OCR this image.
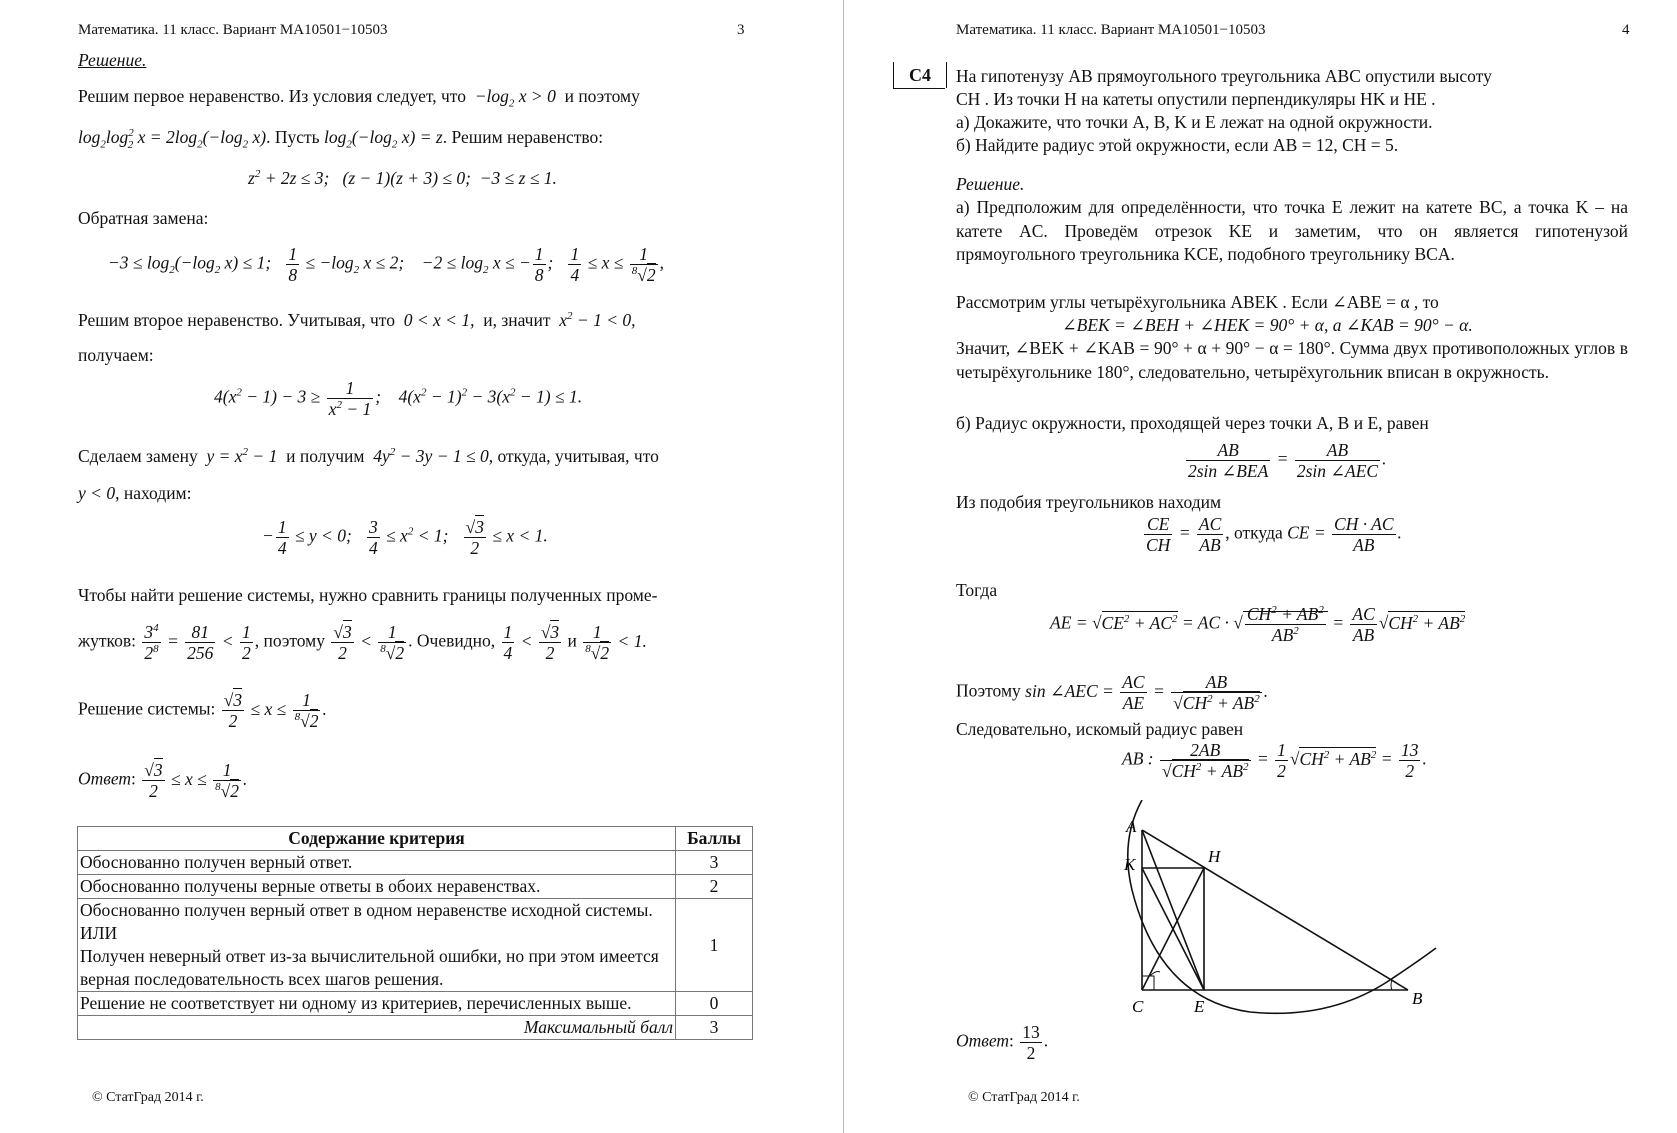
Математика. 11 класс. Вариант МА10501−10503	3
Решение.
Решим первое неравенство. Из условия следует, что  $-\log_2$ x > 0  и поэтому
$\log_2\log^2_2$ $x = 2\log_2(-\log_2$ x). Пусть $\log_2(-\log_2$ x) = z. Решим неравенство:
$z^2 + 2z \le 3$;   (z − 1)(z + 3) ≤ 0;  −3 ≤ z ≤ 1.
Обратная замена:
$-3 \le \log_2(-\log_2$ x) ≤ 1; $\frac{1}{8} \le -\log_2$ x ≤ 2;    $-2 \le \log_2 x$ ≤ − $\frac{1}{8}$ ; $\frac{1}{4} \le x \le \frac{1}{^8√2}$ ,
Решим второе неравенство. Учитывая, что  0 < x < 1,  и, значит  $x^2 - 1 < 0$,
получаем:
$4(x^2 - 1) - 3 \ge \frac{1}{x^2 - 1}$ ;    $4(x^2 - 1)^2 - 3(x^2 - 1) \le 1$.
Сделаем замену  $y = x^2 - 1$  и получим  $4y^2 - 3y - 1 \le 0$, откуда, учитывая, что
y < 0, находим:
− $\frac{1}{4} \le y < 0$; $\frac{3}{4} \le x^2 < 1$; $\frac{√3}{2} \le x < 1$.
Чтобы найти решение системы, нужно сравнить границы полученных проме-
жутков: $\frac{3^4}{2^8} = \frac{81}{256} < \frac{1}{2}$ , поэтому $\frac{√3}{2} < \frac{1}{^8√2}$ . Очевидно, $\frac{1}{4} < \frac{√3}{2}$ и $\frac{1}{^8√2} < 1$.
Решение системы: $\frac{√3}{2} \le x \le \frac{1}{^8√2}$ .
Ответ: $\frac{√3}{2} \le x \le \frac{1}{^8√2}$ .
Содержание критерия	Баллы
Обоснованно получен верный ответ.	3
Обоснованно получены верные ответы в обоих неравенствах.	2

Обоснованно получен верный ответ в одном неравенстве исходной системы.
ИЛИ
Получен неверный ответ из-за вычислительной ошибки, но при этом имеется верная последовательность всех шагов решения.	1
Решение не соответствует ни одному из критериев, перечисленных выше.	0
Максимальный балл	3
© СтатГрад 2014 г.
Математика. 11 класс. Вариант МА10501−10503	4
С4	На гипотенузу AB прямоугольного треугольника ABC опустили высоту
CH . Из точки H на катеты опустили перпендикуляры HK и HE .
а) Докажите, что точки A, B, K и E лежат на одной окружности.
б) Найдите радиус этой окружности, если AB = 12, CH = 5.
Решение.
а) Предположим для определённости, что точка E лежит на катете BC, а точка K – на катете AC. Проведём отрезок KE и заметим, что он является гипотенузой прямоугольного треугольника KCE, подобного треугольнику BCA.
Рассмотрим углы четырёхугольника ABEK . Если ∠ABE = α , то
∠BEK = ∠BEH + ∠HEK = 90° + α, а ∠KAB = 90° − α.
Значит, ∠BEK + ∠KAB = 90° + α + 90° − α = 180°. Сумма двух противоположных углов в четырёхугольнике 180°, следовательно, четырёхугольник вписан в окружность.
б) Радиус окружности, проходящей через точки A, B и E, равен
$\frac{AB}{\text{2sin ∠BEA}} = \frac{AB}{\text{2sin ∠AEC}}$ .
Из подобия треугольников находим
$\frac{CE}{CH} = \frac{AC}{AB}$ , откуда CE = $\frac{CH \cdot AC}{AB}$ .
Тогда
AE = $√CE^2 + AC^2$ = AC · √ $\frac{CH^2 + AB^2}{AB^2} = \frac{AC}{AB} √CH^2 + AB^2$
Поэтому sin ∠AEC = $\frac{AC}{AE} = \frac{AB}{√CH^2 + AB^2}$ .
Следовательно, искомый радиус равен
AB : $\frac{2AB}{√CH^2 + AB^2} = \frac{1}{2} √CH^2 + AB^2 = \frac{13}{2}$ .
A
K	H
C	E	B
Ответ: $\frac{13}{2}$ .
© СтатГрад 2014 г.
